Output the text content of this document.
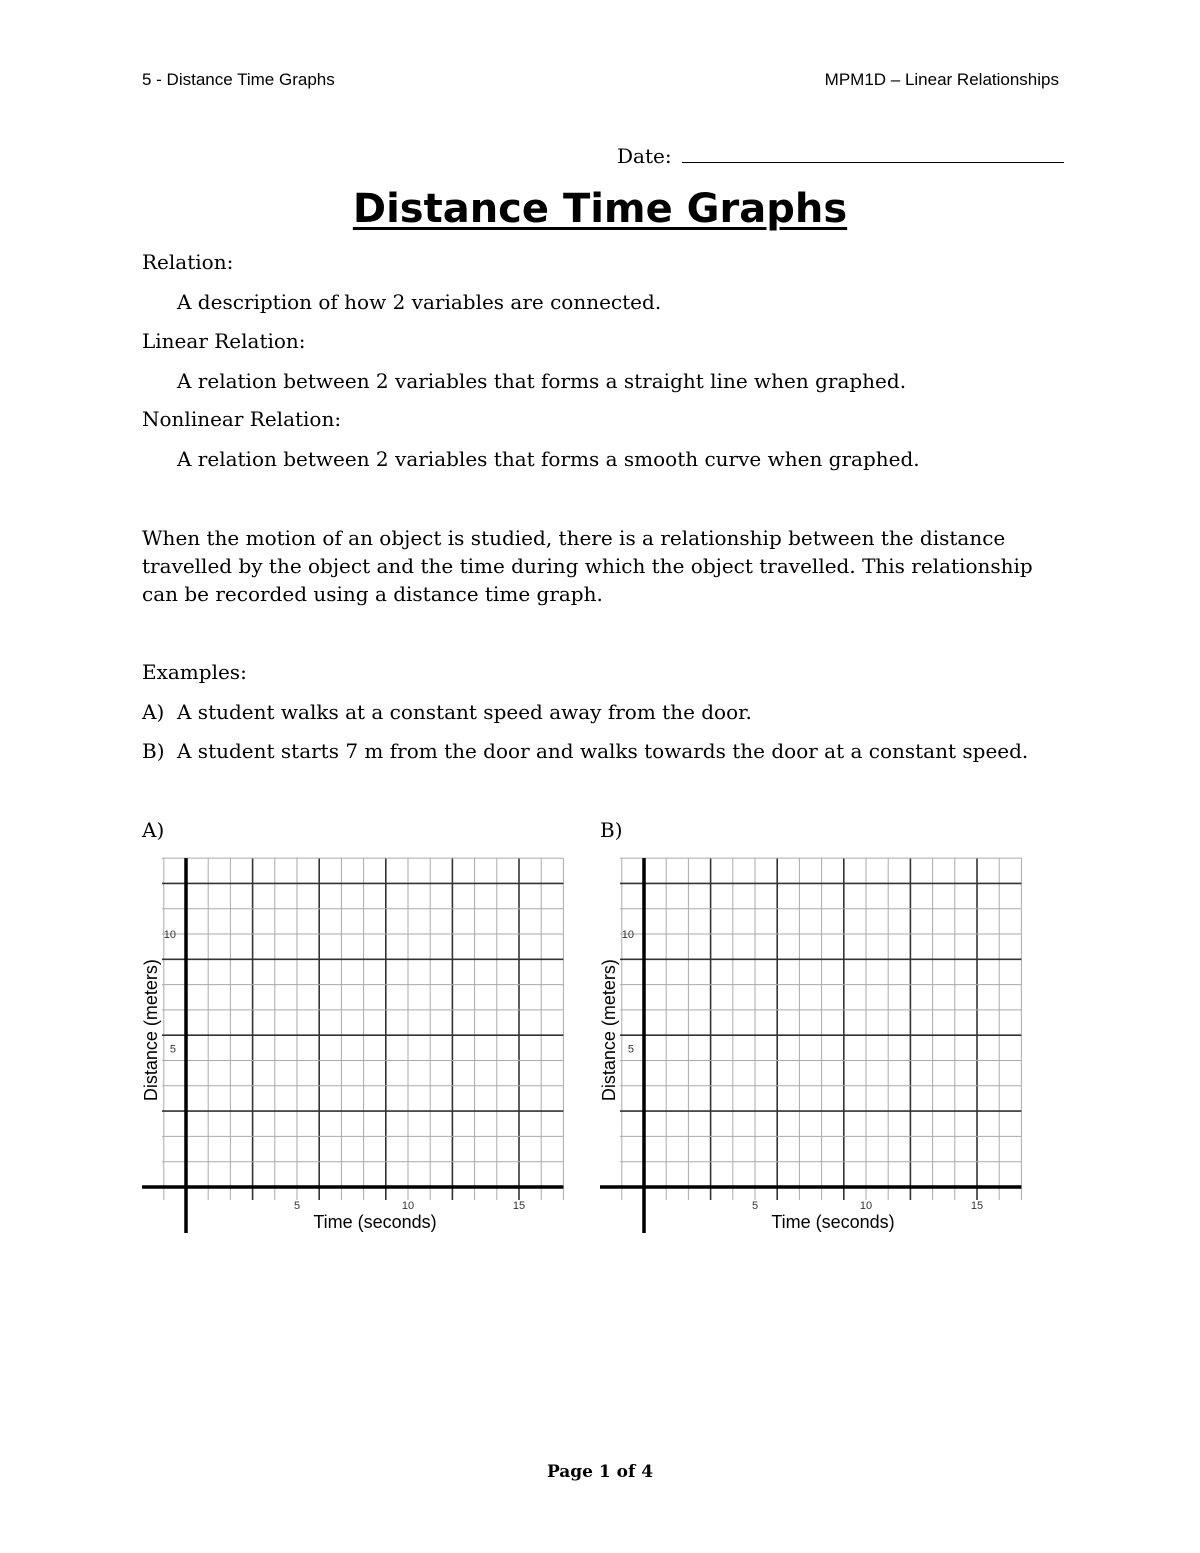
5 - Distance Time Graphs	MPM1D – Linear Relationships
Date:
Distance Time Graphs
Relation:
A description of how 2 variables are connected.
Linear Relation:
A relation between 2 variables that forms a straight line when graphed.
Nonlinear Relation:
A relation between 2 variables that forms a smooth curve when graphed.

When the motion of an object is studied, there is a relationship between the distance

travelled by the object and the time during which the object travelled. This relationship

can be recorded using a distance time graph.

Examples:
A) A student walks at a constant speed away from the door.
B) A student starts 7 m from the door and walks towards the door at a constant speed.
A)	B)
5	10	15
5
10
Time (seconds)
Distance (meters)
5	10	15
5
10
Time (seconds)
Distance (meters)
Page 1 of 4
